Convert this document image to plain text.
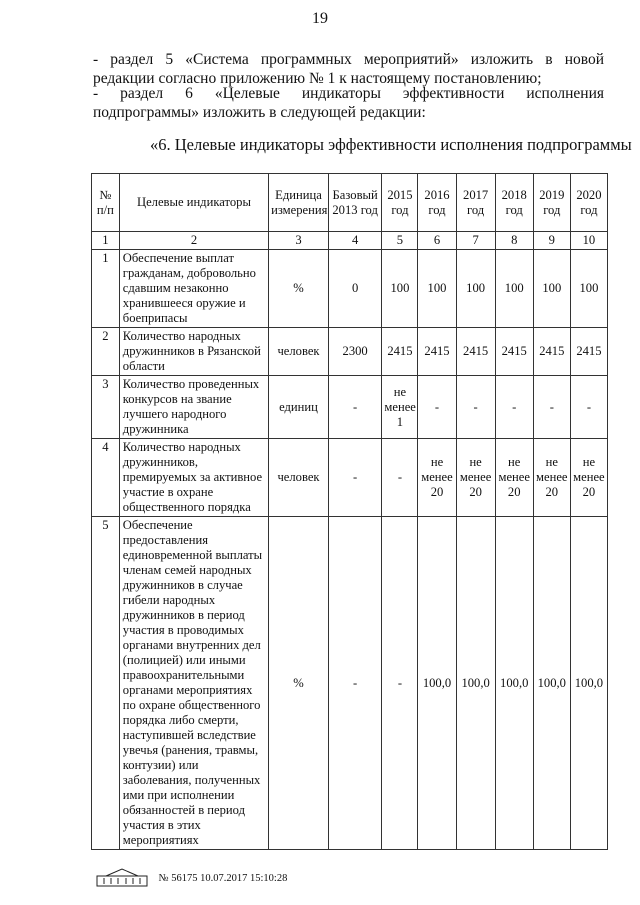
19
- раздел 5 «Система программных мероприятий» изложить в новой
редакции согласно приложению № 1 к настоящему постановлению;
- раздел 6 «Целевые индикаторы эффективности исполнения
подпрограммы» изложить в следующей редакции:
«6. Целевые индикаторы эффективности исполнения подпрограммы
№ п/п	Целевые индикаторы	Единица измерения	Базовый 2013 год	2015 год	2016 год	2017 год	2018 год	2019 год	2020 год
1	2	3	4	5	6	7	8	9	10
1	Обеспечение выплат гражданам, добровольно сдавшим незаконно хранившееся оружие и боеприпасы	%	0	100	100	100	100	100	100
2	Количество народных дружинников в Рязанской области	человек	2300	2415	2415	2415	2415	2415	2415
3	Количество проведенных конкурсов на звание лучшего народного дружинника	единиц	-	не менее 1	-	-	-	-	-
4	Количество народных дружинников, премируемых за активное участие в охране общественного порядка	человек	-	-	не менее 20	не менее 20	не менее 20	не менее 20	не менее 20
5	Обеспечение предоставления единовременной выплаты членам семей народных дружинников в случае гибели народных дружинников в период участия в проводимых органами внутренних дел (полицией) или иными правоохранительными органами мероприятиях по охране общественного порядка либо смерти, наступившей вследствие увечья (ранения, травмы, контузии) или заболевания, полученных ими при исполнении обязанностей в период участия в этих мероприятиях	%	-	-	100,0	100,0	100,0	100,0	100,0
№ 56175 10.07.2017 15:10:28
